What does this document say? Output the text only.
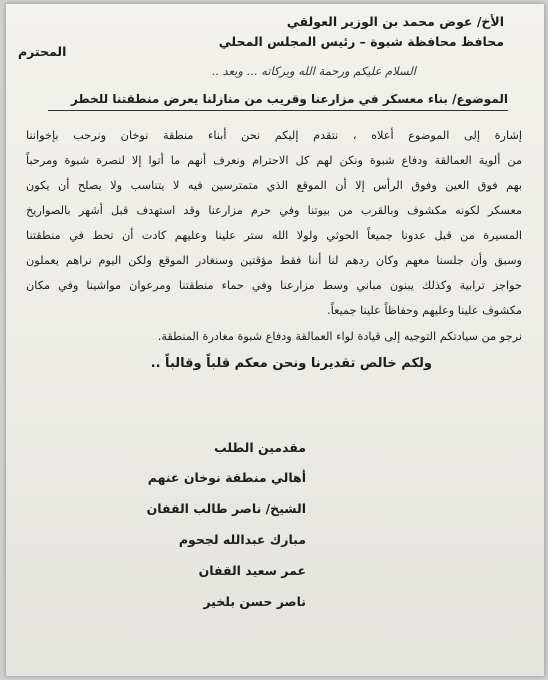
الأخ/ عوض محمد بن الوزير العولقي
محافظ محافظة شبوة – رئيس المجلس المحلي
المحترم
السلام عليكم ورحمة الله وبركاته ... وبعد ..
الموضوع/ بناء معسكر في مزارعنا وقريب من منازلنا يعرض منطقتنا للخطر
إشارة إلى الموضوع أعلاه ، نتقدم إليكم نحن أبناء منطقة نوخان ونرحب بإخواننا
من ألوية العمالقة ودفاع شبوة ونكن لهم كل الاحترام ونعرف أنهم ما أتوا إلا لنصرة شبوة ومرحباً
بهم فوق العين وفوق الرأس إلا أن الموقع الذي متمترسين فيه لا يتناسب ولا يصلح أن يكون
معسكر لكونه مكشوف وبالقرب من بيوتنا وفي حرم مزارعنا وقد استهدف قبل أشهر بالصواريخ
المسيرة من قبل عدونا جميعاً الحوثي ولولا الله ستر علينا وعليهم كادت أن تحط في منطقتنا
وسبق وأن جلسنا معهم وكان ردهم لنا أننا فقط مؤقتين وسنغادر الموقع ولكن اليوم نراهم يعملون
حواجز ترابية وكذلك يبنون مباني وسط مزارعنا وفي حماء منطقتنا ومرعوان مواشينا وفي مكان
مكشوف علينا وعليهم وحفاظاً علينا جميعاً.
نرجو من سيادتكم التوجيه إلى قيادة لواء العمالقة ودفاع شبوة مغادرة المنطقة.
ولكم خالص تقديرنا ونحن معكم قلباً وقالباً ..
مقدمين الطلب
أهالي منطقة نوخان عنهم
الشيخ/ ناصر طالب القفان
مبارك عبدالله لجحوم
عمر سعيد القفان
ناصر حسن بلخير
